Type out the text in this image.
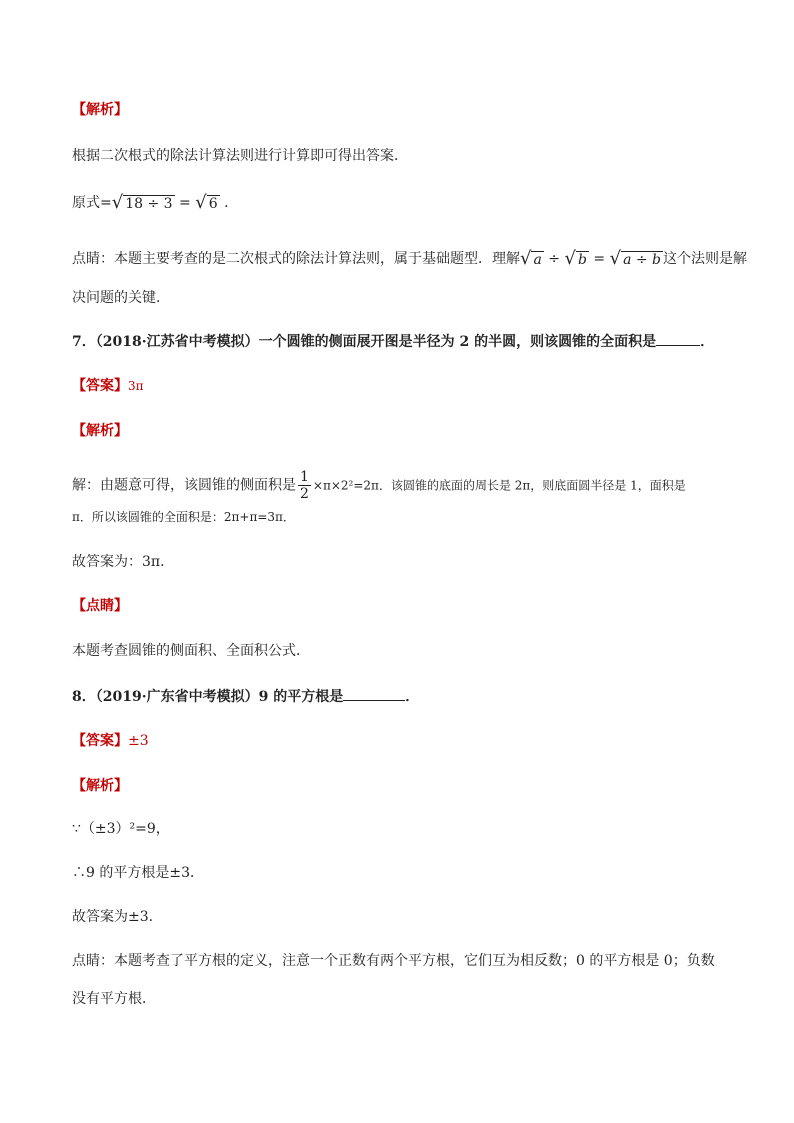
【解析】
根据二次根式的除法计算法则进行计算即可得出答案．
原式= √ 18 ÷ 3 = √ 6 ．
点睛：本题主要考查的是二次根式的除法计算法则，属于基础题型．理解 √ a ÷ √ b = √ a ÷ b 这个法则是解
决问题的关键．
7．（2018·江苏省中考模拟）一个圆锥的侧面展开图是半径为 2 的半圆，则该圆锥的全面积是	．
【答案】3π
【解析】
解：由题意可得，该圆锥的侧面积是 $\frac{1}{2} \times\pi\times 2^2=2\pi$．该圆锥的底面的周长是 2π，则底面圆半径是 1，面积是
π．所以该圆锥的全面积是：2π+π=3π．
故答案为：3π．
【点睛】
本题考查圆锥的侧面积、全面积公式．
8．（2019·广东省中考模拟）9 的平方根是	．
【答案】±3
【解析】
∵（±3）²=9，
∴9 的平方根是±3．
故答案为±3．
点睛：本题考查了平方根的定义，注意一个正数有两个平方根，它们互为相反数；0 的平方根是 0；负数
没有平方根．
